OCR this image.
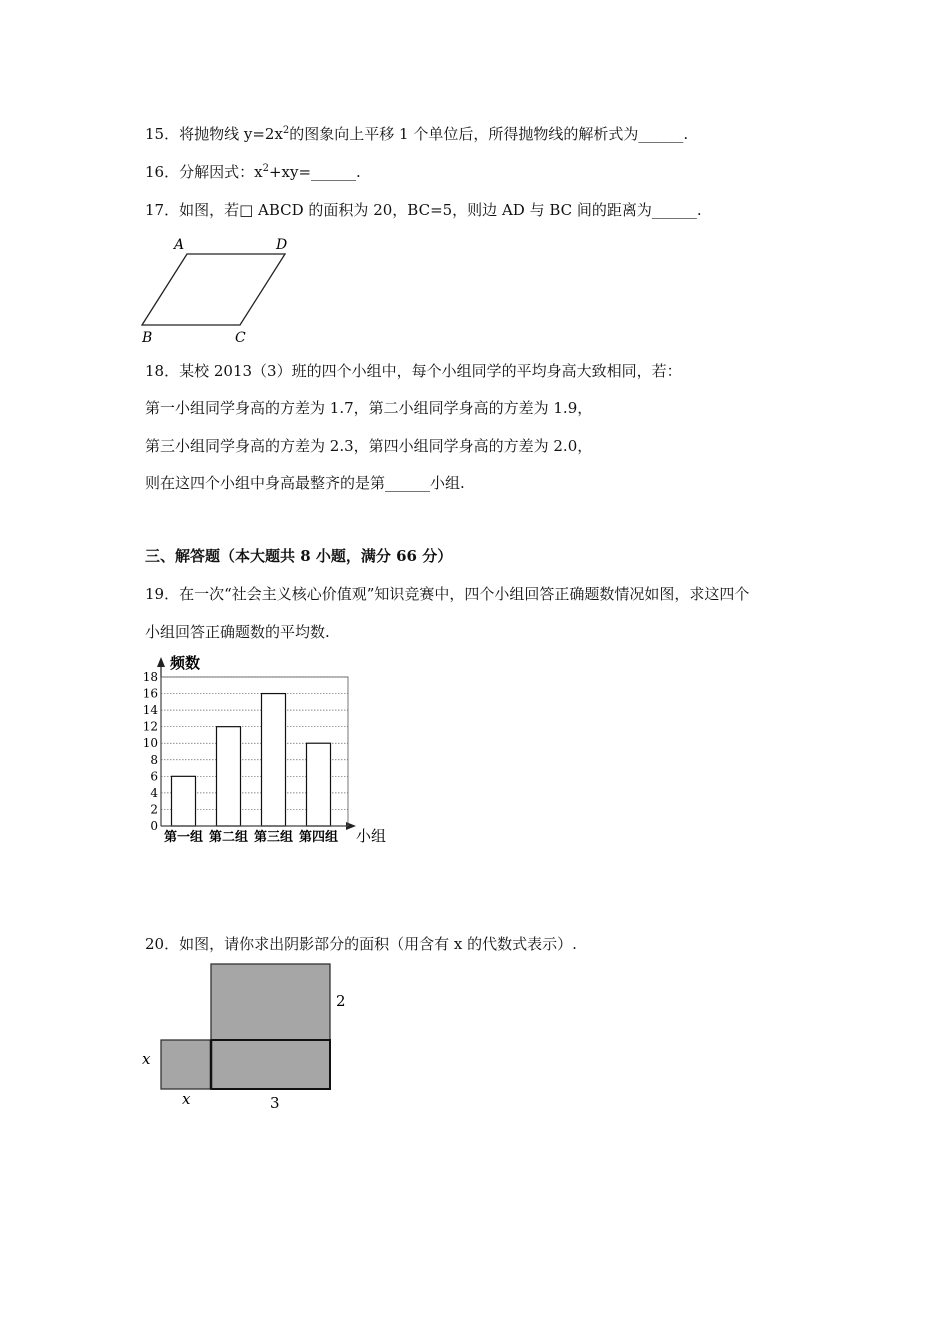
15．将抛物线 $y=2x^2$的图象向上平移 1 个单位后，所得抛物线的解析式为______.
16．分解因式：$x^2+xy=\_\_\_\_\_\_$.
17．如图，若□ ABCD 的面积为 20，BC=5，则边 AD 与 BC 间的距离为______.
A	D
B	C
18．某校 2013（3）班的四个小组中，每个小组同学的平均身高大致相同，若：
第一小组同学身高的方差为 1.7，第二小组同学身高的方差为 1.9，
第三小组同学身高的方差为 2.3，第四小组同学身高的方差为 2.0，
则在这四个小组中身高最整齐的是第______小组.
三、解答题（本大题共 8 小题，满分 66 分）
19．在一次“社会主义核心价值观”知识竞赛中，四个小组回答正确题数情况如图，求这四个
小组回答正确题数的平均数.
0
2
4
6
8
10
12
14
16
18
第一组 第二组 第三组 第四组
频数
小组
20．如图，请你求出阴影部分的面积（用含有 x 的代数式表示）.
x
x	3
2
